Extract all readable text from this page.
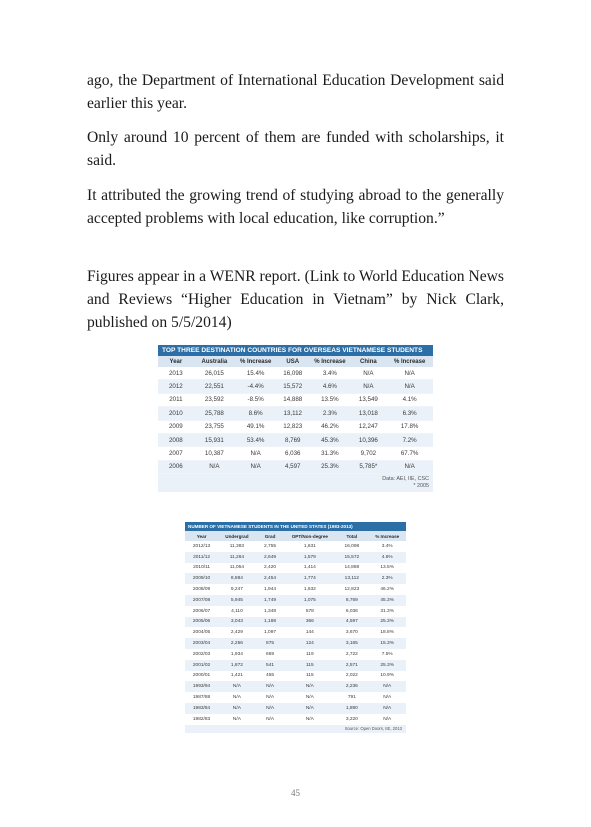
ago, the Department of International Education Development said earlier this year.

Only around 10 percent of them are funded with scholarships, it said.

It attributed the growing trend of studying abroad to the generally accepted problems with local education, like corruption.”

Figures appear in a WENR report. (Link to World Education News and Reviews “Higher Education in Vietnam” by Nick Clark, published on 5/5/2014)

TOP THREE DESTINATION COUNTRIES FOR OVERSEAS VIETNAMESE STUDENTS
Year	Australia	% Increase	USA	% Increase	China	% Increase
2013	26,015	15.4%	16,098	3.4%	N/A	N/A
2012	22,551	-4.4%	15,572	4.6%	N/A	N/A
2011	23,592	-8.5%	14,888	13.5%	13,549	4.1%
2010	25,788	8.6%	13,112	2.3%	13,018	6.3%
2009	23,755	49.1%	12,823	46.2%	12,247	17.8%
2008	15,931	53.4%	8,769	45.3%	10,396	7.2%
2007	10,387	N/A	6,036	31.3%	9,702	67.7%
2006	N/A	N/A	4,597	25.3%	5,785*	N/A
Data: AEI, IIE, CSC
* 2005
NUMBER OF VIETNAMESE STUDENTS IN THE UNITED STATES (1983-2013)
Year	Undergrad	Grad	OPT/Non-degree	Total	% Increase
2012/13	11,383	2,755	1,631	16,098	3.4%
2011/12	11,264	2,649	1,579	15,572	4.6%
2010/11	11,054	2,420	1,414	14,888	13.5%
2009/10	8,884	2,454	1,774	13,112	2.3%
2008/09	9,247	1,944	1,632	12,823	46.2%
2007/08	5,945	1,749	1,075	8,769	45.3%
2006/07	4,110	1,348	578	6,036	31.3%
2005/06	3,043	1,188	366	4,597	25.3%
2004/05	2,429	1,097	144	3,670	18.8%
2003/04	2,256	875	124	3,165	15.3%
2002/03	1,934	669	119	2,722	7.5%
2001/02	1,872	541	115	2,571	25.3%
2000/01	1,421	455	115	2,022	10.9%
1993/94	N/A	N/A	N/A	2,236	N/A
1987/88	N/A	N/A	N/A	791	N/A
1983/84	N/A	N/A	N/A	1,890	N/A
1982/83	N/A	N/A	N/A	3,220	N/A
Source: Open Doors, IIE, 2013
45
